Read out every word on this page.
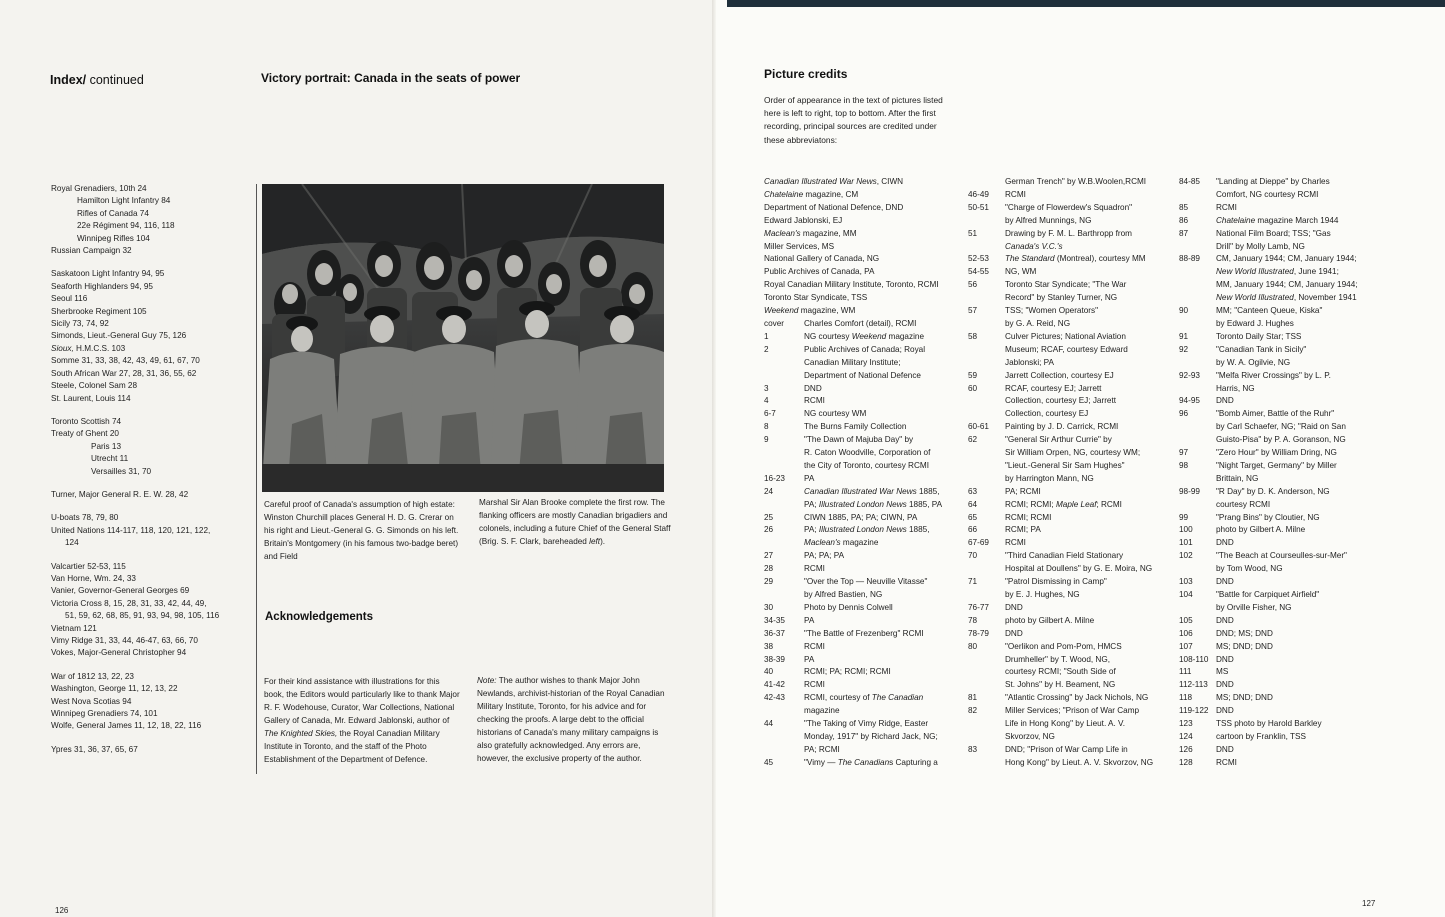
Index/ continued	Victory portrait: Canada in the seats of power
Royal Grenadiers, 10th 24
Hamilton Light Infantry 84
Rifles of Canada 74
22e Régiment 94, 116, 118
Winnipeg Rifles 104
Russian Campaign 32
Saskatoon Light Infantry 94, 95
Seaforth Highlanders 94, 95
Seoul 116
Sherbrooke Regiment 105
Sicily 73, 74, 92
Simonds, Lieut.-General Guy 75, 126
Sioux, H.M.C.S. 103
Somme 31, 33, 38, 42, 43, 49, 61, 67, 70
South African War 27, 28, 31, 36, 55, 62
Steele, Colonel Sam 28
St. Laurent, Louis 114
Toronto Scottish 74
Treaty of Ghent 20
Paris 13
Utrecht 11
Versailles 31, 70
Turner, Major General R. E. W. 28, 42
U-boats 78, 79, 80
United Nations 114-117, 118, 120, 121, 122,
124
Valcartier 52-53, 115
Van Horne, Wm. 24, 33
Vanier, Governor-General Georges 69
Victoria Cross 8, 15, 28, 31, 33, 42, 44, 49,
51, 59, 62, 68, 85, 91, 93, 94, 98, 105, 116
Vietnam 121
Vimy Ridge 31, 33, 44, 46-47, 63, 66, 70
Vokes, Major-General Christopher 94
War of 1812 13, 22, 23
Washington, George 11, 12, 13, 22
West Nova Scotias 94
Winnipeg Grenadiers 74, 101
Wolfe, General James 11, 12, 18, 22, 116
Ypres 31, 36, 37, 65, 67
Careful proof of Canada's assumption of high estate: Winston Churchill places General H. D. G. Crerar on his right and Lieut.-General G. G. Simonds on his left. Britain's Montgomery (in his famous two-badge beret) and Field
Marshal Sir Alan Brooke complete the first row. The flanking officers are mostly Canadian brigadiers and colonels, including a future Chief of the General Staff (Brig. S. F. Clark, bareheaded left).
Acknowledgements
For their kind assistance with illustrations for this book, the Editors would particularly like to thank Major R. F. Wodehouse, Curator, War Collections, National Gallery of Canada, Mr. Edward Jablonski, author of The Knighted Skies, the Royal Canadian Military Institute in Toronto, and the staff of the Photo Establishment of the Department of Defence.
Note: The author wishes to thank Major John Newlands, archivist-historian of the Royal Canadian Military Institute, Toronto, for his advice and for checking the proofs. A large debt to the official historians of Canada's many military campaigns is also gratefully acknowledged. Any errors are, however, the exclusive property of the author.
126
Picture credits
Order of appearance in the text of pictures listed here is left to right, top to bottom. After the first recording, principal sources are credited under these abbreviatons:
Canadian Illustrated War News, CIWN
Chatelaine magazine, CM
Department of National Defence, DND
Edward Jablonski, EJ
Maclean's magazine, MM
Miller Services, MS
National Gallery of Canada, NG
Public Archives of Canada, PA
Royal Canadian Military Institute, Toronto, RCMI
Toronto Star Syndicate, TSS
Weekend magazine, WM
cover	Charles Comfort (detail), RCMI
1	NG courtesy Weekend magazine
2	Public Archives of Canada; Royal
Canadian Military Institute;
Department of National Defence
3	DND
4	RCMI
6-7	NG courtesy WM
8	The Burns Family Collection
9	"The Dawn of Majuba Day" by
R. Caton Woodville, Corporation of
the City of Toronto, courtesy RCMI
16-23	PA
24	Canadian Illustrated War News 1885,
PA; Illustrated London News 1885, PA
25	CIWN 1885, PA; PA; CIWN, PA
26	PA; Illustrated London News 1885,
Maclean's magazine
27	PA; PA; PA
28	RCMI
29	"Over the Top — Neuville Vitasse"
by Alfred Bastien, NG
30	Photo by Dennis Colwell
34-35	PA
36-37	"The Battle of Frezenberg" RCMI
38	RCMI
38-39	PA
40	RCMI; PA; RCMI; RCMI
41-42	RCMI
42-43	RCMI, courtesy of The Canadian
magazine
44	"The Taking of Vimy Ridge, Easter
Monday, 1917" by Richard Jack, NG;
PA; RCMI
45	"Vimy — The Canadians Capturing a
German Trench" by W.B.Woolen,RCMI
46-49	RCMI
50-51	"Charge of Flowerdew's Squadron"
by Alfred Munnings, NG
51	Drawing by F. M. L. Barthropp from
Canada's V.C.'s
52-53	The Standard (Montreal), courtesy MM
54-55	NG, WM
56	Toronto Star Syndicate; "The War
Record" by Stanley Turner, NG
57	TSS; "Women Operators"
by G. A. Reid, NG
58	Culver Pictures; National Aviation
Museum; RCAF, courtesy Edward
Jablonski; PA
59	Jarrett Collection, courtesy EJ
60	RCAF, courtesy EJ; Jarrett
Collection, courtesy EJ; Jarrett
Collection, courtesy EJ
60-61	Painting by J. D. Carrick, RCMI
62	"General Sir Arthur Currie" by
Sir William Orpen, NG, courtesy WM;
"Lieut.-General Sir Sam Hughes"
by Harrington Mann, NG
63	PA; RCMI
64	RCMI; RCMI; Maple Leaf; RCMI
65	RCMI; RCMI
66	RCMI; PA
67-69	RCMI
70	"Third Canadian Field Stationary
Hospital at Doullens" by G. E. Moira, NG
71	"Patrol Dismissing in Camp"
by E. J. Hughes, NG
76-77	DND
78	photo by Gilbert A. Milne
78-79	DND
80	"Oerlikon and Pom-Pom, HMCS
Drumheller" by T. Wood, NG,
courtesy RCMI; "South Side of
St. Johns" by H. Beament, NG
81	"Atlantic Crossing" by Jack Nichols, NG
82	Miller Services; "Prison of War Camp
Life in Hong Kong" by Lieut. A. V.
Skvorzov, NG
83	DND; "Prison of War Camp Life in
Hong Kong" by Lieut. A. V. Skvorzov, NG
84-85	"Landing at Dieppe" by Charles
Comfort, NG courtesy RCMI
85	RCMI
86	Chatelaine magazine March 1944
87	National Film Board; TSS; "Gas
Drill" by Molly Lamb, NG
88-89	CM, January 1944; CM, January 1944;
New World Illustrated, June 1941;
MM, January 1944; CM, January 1944;
New World Illustrated, November 1941
90	MM; "Canteen Queue, Kiska"
by Edward J. Hughes
91	Toronto Daily Star; TSS
92	"Canadian Tank in Sicily"
by W. A. Ogilvie, NG
92-93	"Melfa River Crossings" by L. P.
Harris, NG
94-95	DND
96	"Bomb Aimer, Battle of the Ruhr"
by Carl Schaefer, NG; "Raid on San
Guisto-Pisa" by P. A. Goranson, NG
97	"Zero Hour" by William Dring, NG
98	"Night Target, Germany" by Miller
Brittain, NG
98-99	"R Day" by D. K. Anderson, NG
courtesy RCMI
99	"Prang Bins" by Cloutier, NG
100	photo by Gilbert A. Milne
101	DND
102	"The Beach at Courseulles-sur-Mer"
by Tom Wood, NG
103	DND
104	"Battle for Carpiquet Airfield"
by Orville Fisher, NG
105	DND
106	DND; MS; DND
107	MS; DND; DND
108-110 DND
111	MS
112-113 DND
118	MS; DND; DND
119-122 DND
123	TSS photo by Harold Barkley
124	cartoon by Franklin, TSS
126	DND
128	RCMI
127
